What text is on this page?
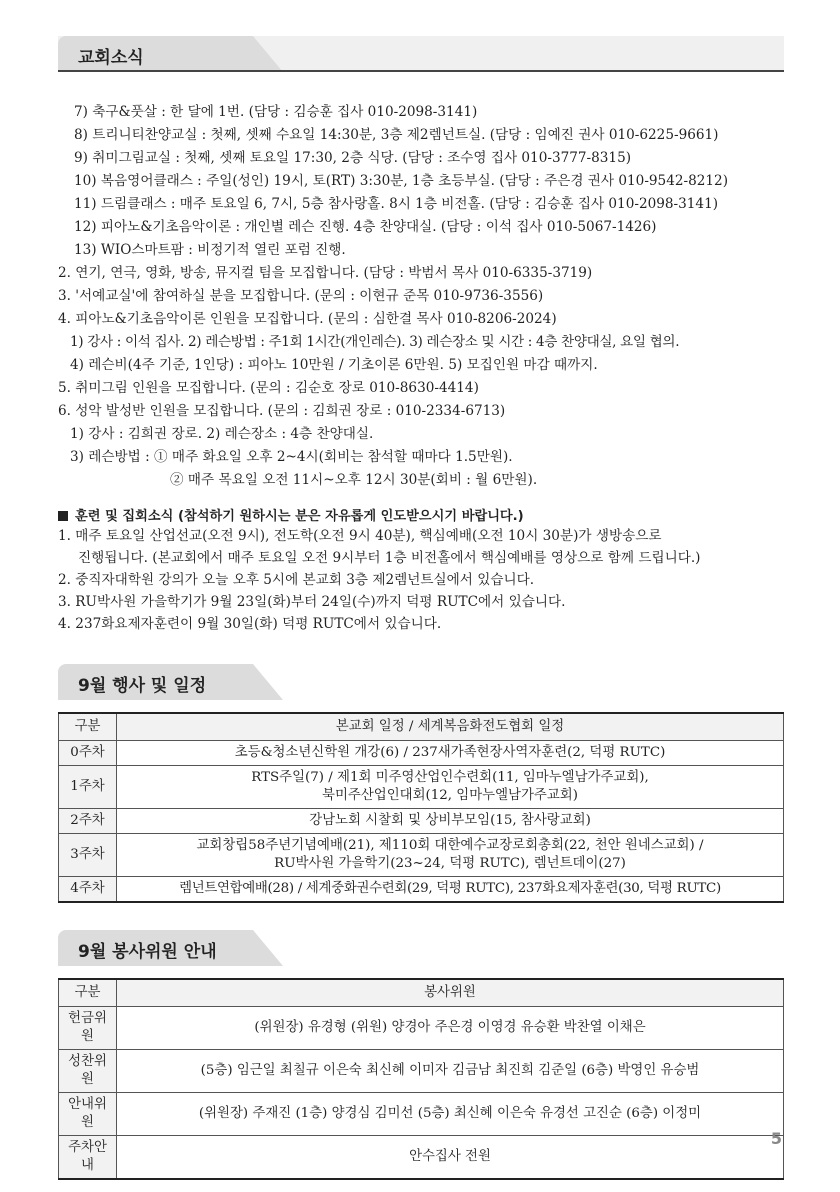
교회소식
7) 축구&풋살 : 한 달에 1번. (담당 : 김승훈 집사 010-2098-3141)
8) 트리니티찬양교실 : 첫째, 셋째 수요일 14:30분, 3층 제2렘넌트실. (담당 : 임예진 권사 010-6225-9661)
9) 취미그림교실 : 첫째, 셋째 토요일 17:30, 2층 식당. (담당 : 조수영 집사 010-3777-8315)
10) 복음영어클래스 : 주일(성인) 19시, 토(RT) 3:30분, 1층 초등부실. (담당 : 주은경 권사 010-9542-8212)
11) 드림클래스 : 매주 토요일 6, 7시, 5층 참사랑홀. 8시 1층 비전홀. (담당 : 김승훈 집사 010-2098-3141)
12) 피아노&기초음악이론 : 개인별 레슨 진행. 4층 찬양대실. (담당 : 이석 집사 010-5067-1426)
13) WIO스마트팜 : 비정기적 열린 포럼 진행.
2. 연기, 연극, 영화, 방송, 뮤지컬 팀을 모집합니다. (담당 : 박범서 목사 010-6335-3719)
3. '서예교실'에 참여하실 분을 모집합니다. (문의 : 이현규 준목 010-9736-3556)
4. 피아노&기초음악이론 인원을 모집합니다. (문의 : 심한결 목사 010-8206-2024)
1) 강사 : 이석 집사. 2) 레슨방법 : 주1회 1시간(개인레슨). 3) 레슨장소 및 시간 : 4층 찬양대실, 요일 협의.
4) 레슨비(4주 기준, 1인당) : 피아노 10만원 / 기초이론 6만원. 5) 모집인원 마감 때까지.
5. 취미그림 인원을 모집합니다. (문의 : 김순호 장로 010-8630-4414)
6. 성악 발성반 인원을 모집합니다. (문의 : 김희권 장로 : 010-2334-6713)
1) 강사 : 김희권 장로. 2) 레슨장소 : 4층 찬양대실.
3) 레슨방법 : ① 매주 화요일 오후 2~4시(회비는 참석할 때마다 1.5만원).
② 매주 목요일 오전 11시~오후 12시 30분(회비 : 월 6만원).
훈련 및 집회소식 (참석하기 원하시는 분은 자유롭게 인도받으시기 바랍니다.)
1. 매주 토요일 산업선교(오전 9시), 전도학(오전 9시 40분), 핵심예배(오전 10시 30분)가 생방송으로
진행됩니다. (본교회에서 매주 토요일 오전 9시부터 1층 비전홀에서 핵심예배를 영상으로 함께 드립니다.)
2. 중직자대학원 강의가 오늘 오후 5시에 본교회 3층 제2렘넌트실에서 있습니다.
3. RU박사원 가을학기가 9월 23일(화)부터 24일(수)까지 덕평 RUTC에서 있습니다.
4. 237화요제자훈련이 9월 30일(화) 덕평 RUTC에서 있습니다.
9월 행사 및 일정
구분	본교회 일정 / 세계복음화전도협회 일정
0주차	초등&청소년신학원 개강(6) / 237새가족현장사역자훈련(2, 덕평 RUTC)

1주차	RTS주일(7) / 제1회 미주영산업인수련회(11, 임마누엘남가주교회),
북미주산업인대회(12, 임마누엘남가주교회)

2주차	강남노회 시찰회 및 상비부모임(15, 참사랑교회)

3주차	교회창립58주년기념예배(21), 제110회 대한예수교장로회총회(22, 천안 원네스교회) /
RU박사원 가을학기(23~24, 덕평 RUTC), 렘넌트데이(27)

4주차	렘넌트연합예배(28) / 세계중화권수련회(29, 덕평 RUTC), 237화요제자훈련(30, 덕평 RUTC)
9월 봉사위원 안내
구분	봉사위원
헌금위원	(위원장) 유경형 (위원) 양경아 주은경 이영경 유승환 박찬열 이채은
성찬위원	(5층) 임근일 최칠규 이은숙 최신혜 이미자 김금남 최진희 김준일 (6층) 박영인 유승범
안내위원	(위원장) 주재진 (1층) 양경심 김미선 (5층) 최신혜 이은숙 유경선 고진순 (6층) 이정미
주차안내	안수집사 전원
5
